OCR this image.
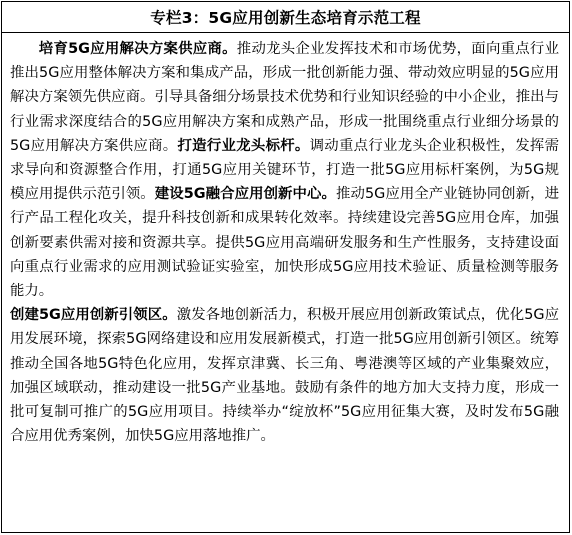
专栏3：5G应用创新生态培育示范工程

培育5G应用解决方案供应商。推动龙头企业发挥技术和市场优势，面向重点行业推出5G应用整体解决方案和集成产品，形成一批创新能力强、带动效应明显的5G应用解决方案领先供应商。引导具备细分场景技术优势和行业知识经验的中小企业，推出与行业需求深度结合的5G应用解决方案和成熟产品，形成一批围绕重点行业细分场景的5G应用解决方案供应商。打造行业龙头标杆。调动重点行业龙头企业积极性，发挥需求导向和资源整合作用，打通5G应用关键环节，打造一批5G应用标杆案例，为5G规模应用提供示范引领。建设5G融合应用创新中心。推动5G应用全产业链协同创新，进行产品工程化攻关，提升科技创新和成果转化效率。持续建设完善5G应用仓库，加强创新要素供需对接和资源共享。提供5G应用高端研发服务和生产性服务，支持建设面向重点行业需求的应用测试验证实验室，加快形成5G应用技术验证、质量检测等服务能力。

创建5G应用创新引领区。激发各地创新活力，积极开展应用创新政策试点，优化5G应用发展环境，探索5G网络建设和应用发展新模式，打造一批5G应用创新引领区。统筹推动全国各地5G特色化应用，发挥京津冀、长三角、粤港澳等区域的产业集聚效应，加强区域联动，推动建设一批5G产业基地。鼓励有条件的地方加大支持力度，形成一批可复制可推广的5G应用项目。持续举办“绽放杯”5G应用征集大赛，及时发布5G融合应用优秀案例，加快5G应用落地推广。
